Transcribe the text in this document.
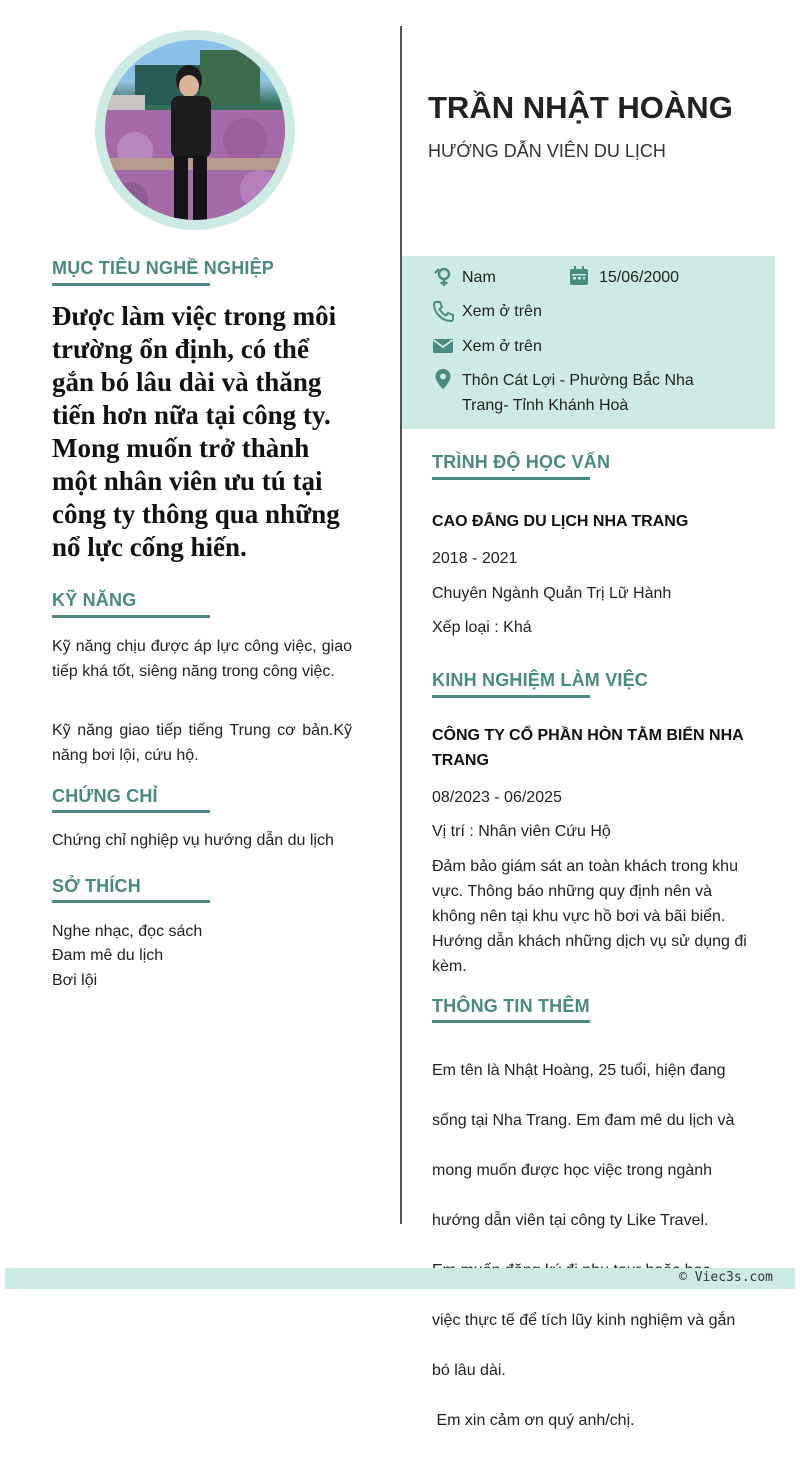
MỤC TIÊU NGHỀ NGHIỆP
Được làm việc trong môi trường ổn định, có thể gắn bó lâu dài và thăng tiến hơn nữa tại công ty. Mong muốn trở thành một nhân viên ưu tú tại công ty thông qua những nổ lực cống hiến.
KỸ NĂNG
Kỹ năng chịu được áp lực công việc, giao tiếp khá tốt, siêng năng trong công việc.
Kỹ năng giao tiếp tiếng Trung cơ bản.Kỹ năng bơi lội, cứu hộ.
CHỨNG CHỈ
Chứng chỉ nghiệp vụ hướng dẫn du lịch
SỞ THÍCH
Nghe nhạc, đọc sách
Đam mê du lịch
Bơi lội
TRẦN NHẬT HOÀNG
HƯỚNG DẪN VIÊN DU LỊCH
Nam	15/06/2000
Xem ở trên
Xem ở trên
Thôn Cát Lợi - Phường Bắc Nha
Trang- Tỉnh Khánh Hoà
TRÌNH ĐỘ HỌC VẤN
CAO ĐẲNG DU LỊCH NHA TRANG
2018 - 2021
Chuyên Ngành Quản Trị Lữ Hành
Xếp loại : Khá
KINH NGHIỆM LÀM VIỆC
CÔNG TY CỔ PHẦN HÒN TẰM BIỂN NHA
TRANG
08/2023 - 06/2025
Vị trí : Nhân viên Cứu Hộ
Đảm bảo giám sát an toàn khách trong khu vực. Thông báo những quy định nên và không nên tại khu vực hồ bơi và bãi biển. Hướng dẫn khách những dịch vụ sử dụng đi kèm.
THÔNG TIN THÊM

Em tên là Nhật Hoàng, 25 tuổi, hiện đang

sống tại Nha Trang. Em đam mê du lịch và

mong muốn được học việc trong ngành

hướng dẫn viên tại công ty Like Travel.

việc thực tế để tích lũy kinh nghiệm và gắn

bó lâu dài.

Em xin cảm ơn quý anh/chị.

© Viec3s.com
